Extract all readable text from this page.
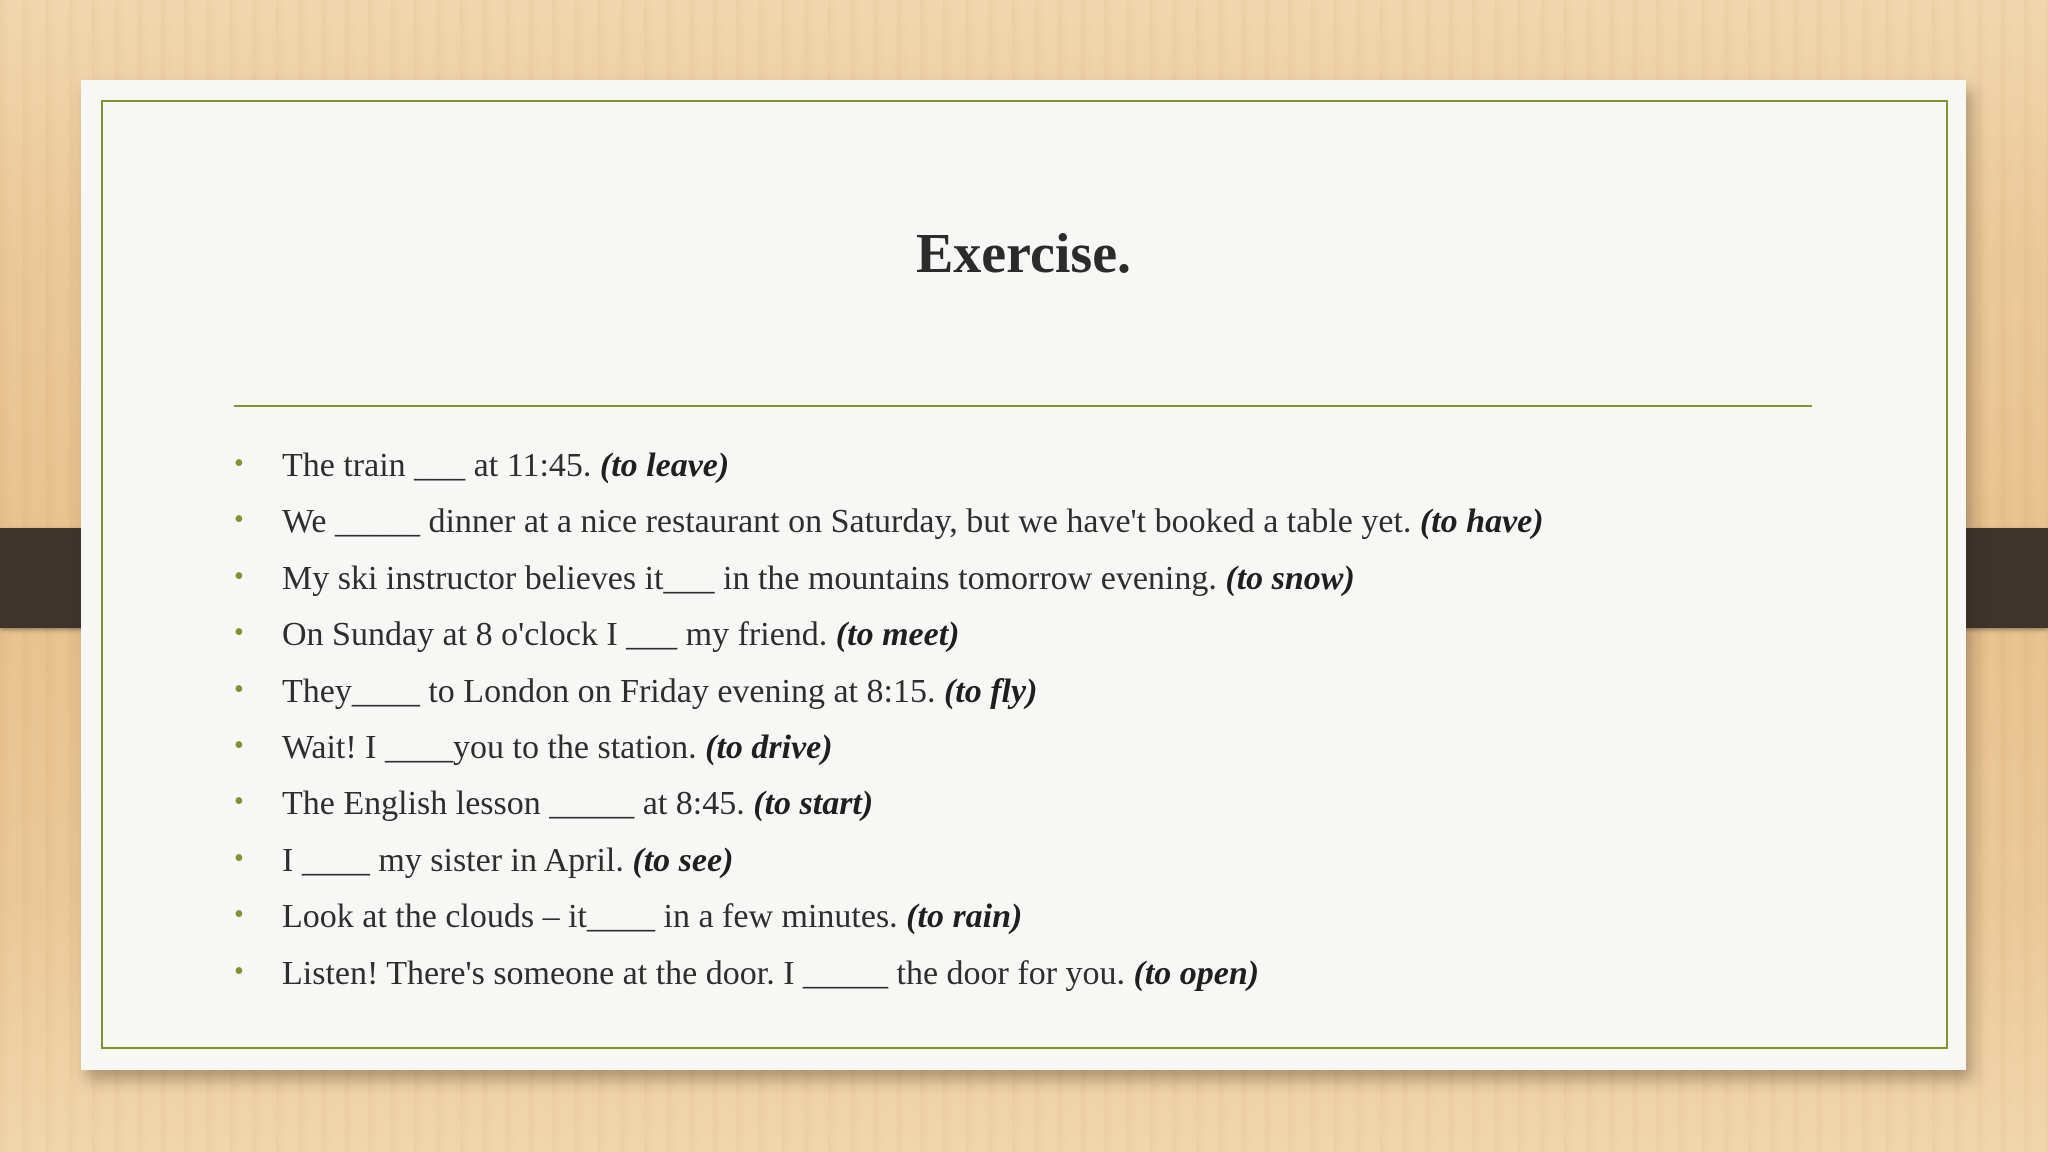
Exercise.
• The train ___ at 11:45. (to leave)
• We _____ dinner at a nice restaurant on Saturday, but we have't booked a table yet. (to have)
• My ski instructor believes it___ in the mountains tomorrow evening. (to snow)
• On Sunday at 8 o'clock I ___ my friend. (to meet)
• They____ to London on Friday evening at 8:15. (to fly)
• Wait! I ____you to the station. (to drive)
• The English lesson _____ at 8:45. (to start)
• I ____ my sister in April. (to see)
• Look at the clouds – it____ in a few minutes. (to rain)
• Listen! There's someone at the door. I _____ the door for you. (to open)
